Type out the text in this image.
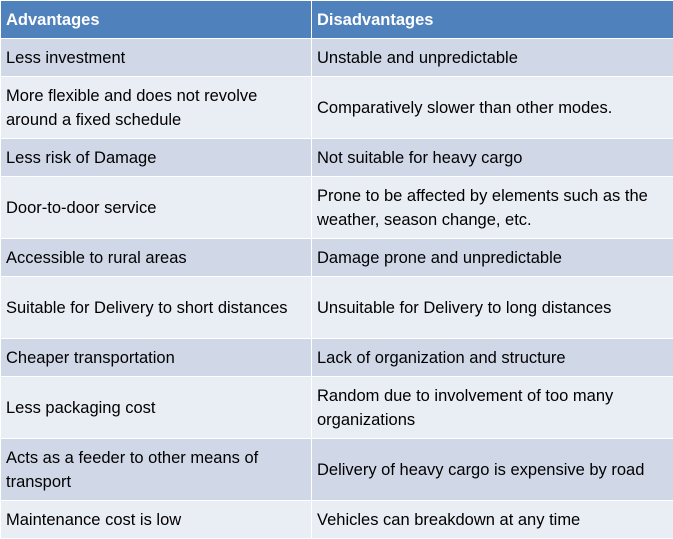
Advantages	Disadvantages
Less investment	Unstable and unpredictable
More flexible and does not revolve around a fixed schedule	Comparatively slower than other modes.
Less risk of Damage	Not suitable for heavy cargo
Door-to-door service	Prone to be affected by elements such as the weather, season change, etc.
Accessible to rural areas	Damage prone and unpredictable
Suitable for Delivery to short distances	Unsuitable for Delivery to long distances
Cheaper transportation	Lack of organization and structure
Less packaging cost	Random due to involvement of too many organizations
Acts as a feeder to other means of transport	Delivery of heavy cargo is expensive by road
Maintenance cost is low	Vehicles can breakdown at any time
